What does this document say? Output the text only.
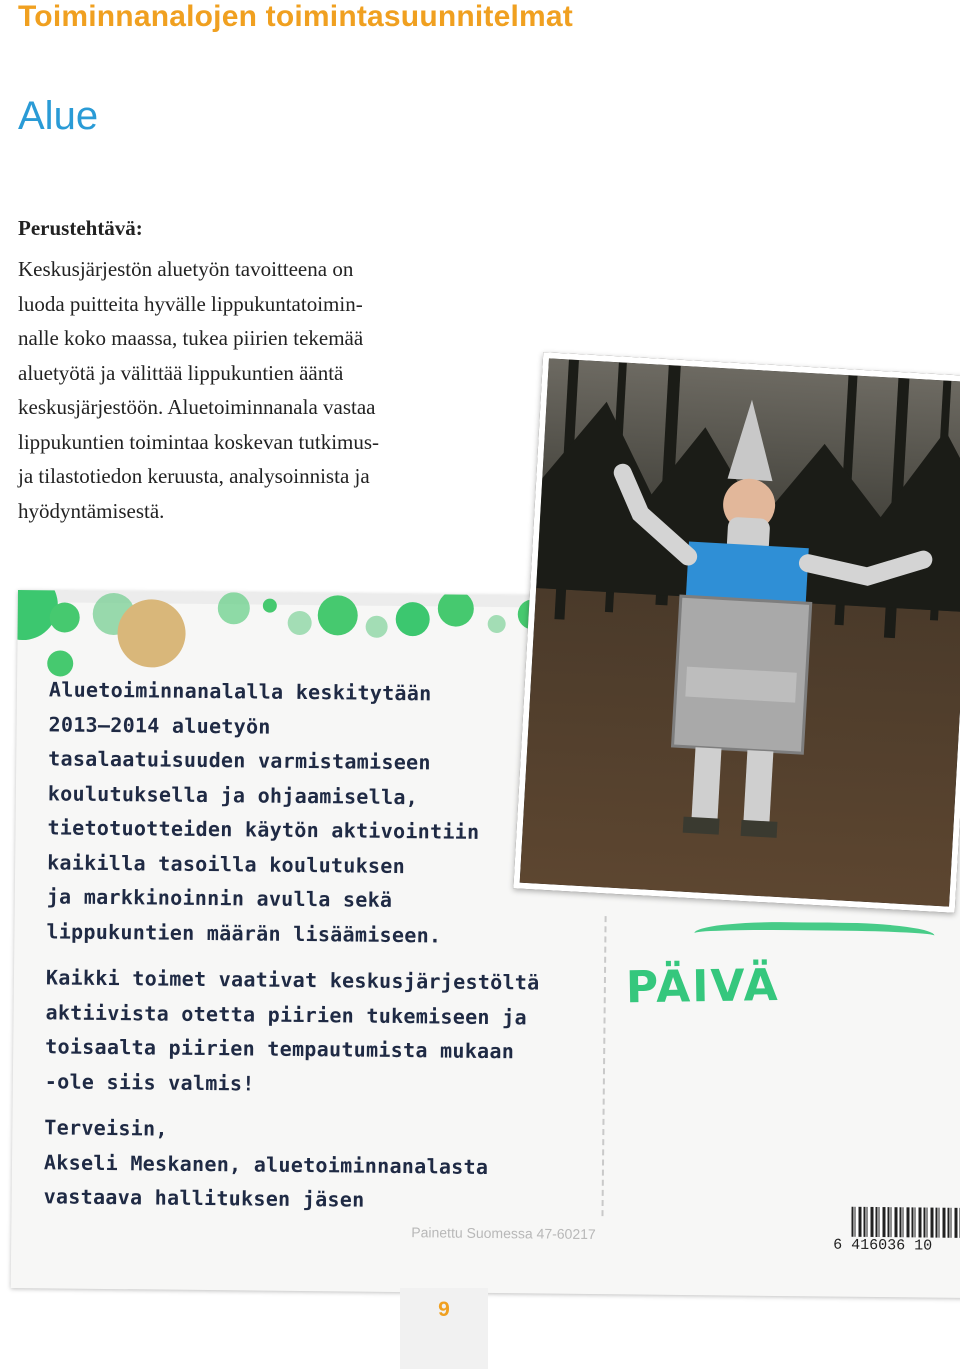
Toiminnanalojen toimintasuunnitelmat
Alue
Perustehtävä:
Keskusjärjestön aluetyön tavoitteena on
luoda puitteita hyvälle lippukuntatoimin-
nalle koko maassa, tukea piirien tekemää
aluetyötä ja välittää lippukuntien ääntä
keskusjärjestöön. Aluetoiminnanala vastaa
lippukuntien toimintaa koskevan tutkimus-
ja tilastotiedon keruusta, analysoinnista ja
hyödyntämisestä.
PÄIVÄ
Aluetoiminnanalalla keskitytään
2013–2014 aluetyön
tasalaatuisuuden varmistamiseen
koulutuksella ja ohjaamisella,
tietotuotteiden käytön aktivointiin
kaikilla tasoilla koulutuksen
ja markkinoinnin avulla sekä
lippukuntien määrän lisäämiseen.
Kaikki toimet vaativat keskusjärjestöltä
aktiivista otetta piirien tukemiseen ja
toisaalta piirien tempautumista mukaan
-ole siis valmis!
Terveisin,
Akseli Meskanen, aluetoiminnanalasta
vastaava hallituksen jäsen
Painettu Suomessa 47-60217
6 416036 10
9
